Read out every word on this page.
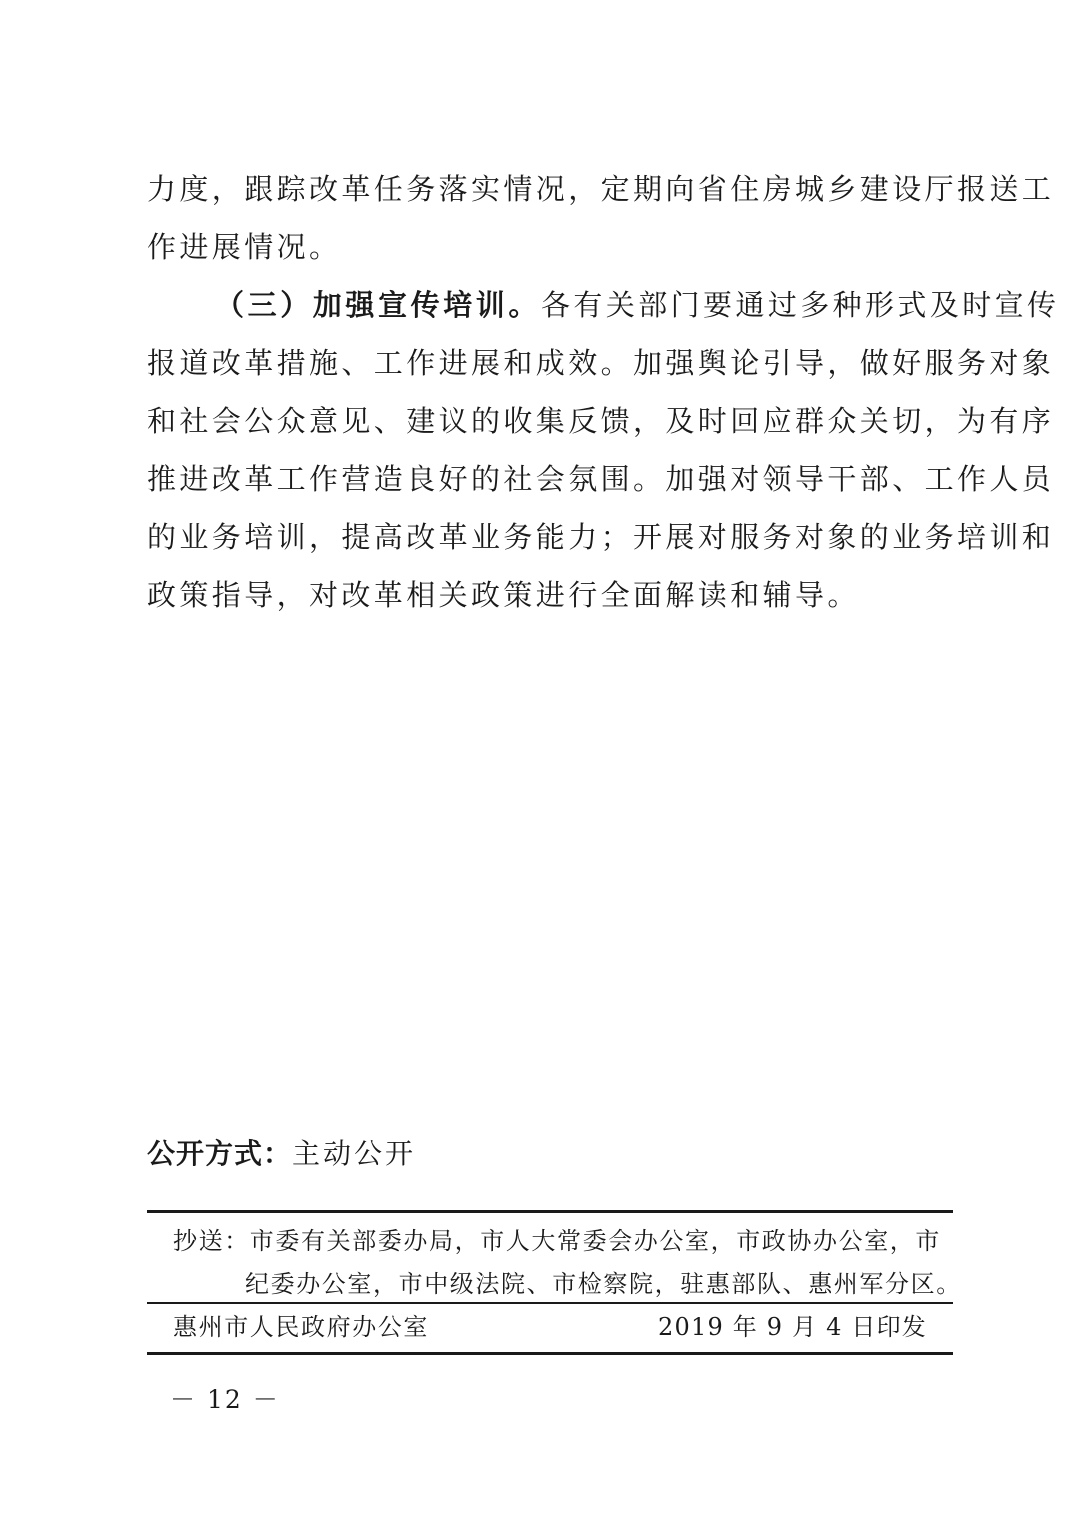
力度，跟踪改革任务落实情况，定期向省住房城乡建设厅报送工
作进展情况。
（三）加强宣传培训。各有关部门要通过多种形式及时宣传
报道改革措施、工作进展和成效。加强舆论引导，做好服务对象
和社会公众意见、建议的收集反馈，及时回应群众关切，为有序
推进改革工作营造良好的社会氛围。加强对领导干部、工作人员
的业务培训，提高改革业务能力；开展对服务对象的业务培训和
政策指导，对改革相关政策进行全面解读和辅导。
公开方式：主动公开
抄送：市委有关部委办局，市人大常委会办公室，市政协办公室，市
纪委办公室，市中级法院、市检察院，驻惠部队、惠州军分区。
惠州市人民政府办公室	2019 年 9 月 4 日印发
－ 12 －
